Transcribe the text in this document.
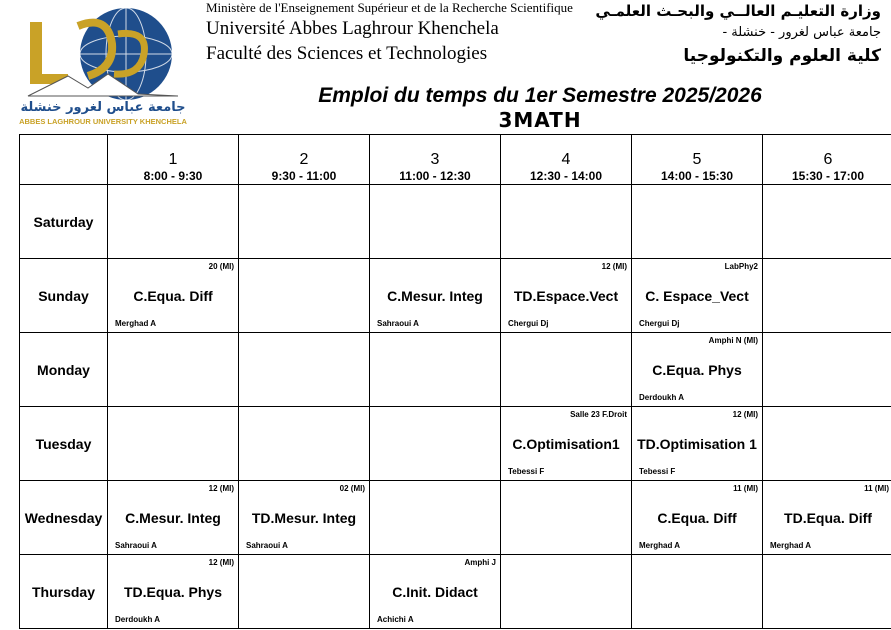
جامعة عباس لغرور خنشلة
ABBES LAGHROUR UNIVERSITY KHENCHELA
Ministère de l'Enseignement Supérieur et de la Recherche Scientifique
Université Abbes Laghrour Khenchela
Faculté des Sciences et Technologies
وزارة التعليـم العالــي والبحـث العلمـي
جامعة عباس لغرور - خنشلة -
كلية العلوم والتكنولوجيا
Emploi du temps du 1er Semestre 2025/2026
3MATH
1
8:00 - 9:30
2
9:30 - 11:00
3
11:00 - 12:30
4
12:30 - 14:00
5
14:00 - 15:30
6
15:30 - 17:00
Saturday
Sunday
20 (MI)
C.Equa. Diff
Merghad A
C.Mesur. Integ
Sahraoui A
12 (MI)
TD.Espace.Vect
Chergui Dj
LabPhy2
C. Espace_Vect
Chergui Dj
Monday
Amphi N (MI)
C.Equa. Phys
Derdoukh A
Tuesday
Salle 23 F.Droit
C.Optimisation1
Tebessi F
12 (MI)
TD.Optimisation 1
Tebessi F
Wednesday
12 (MI)
C.Mesur. Integ
Sahraoui A
02 (MI)
TD.Mesur. Integ
Sahraoui A
11 (MI)
C.Equa. Diff
Merghad A
11 (MI)
TD.Equa. Diff
Merghad A
Thursday
12 (MI)
TD.Equa. Phys
Derdoukh A
Amphi J
C.Init. Didact
Achichi A
